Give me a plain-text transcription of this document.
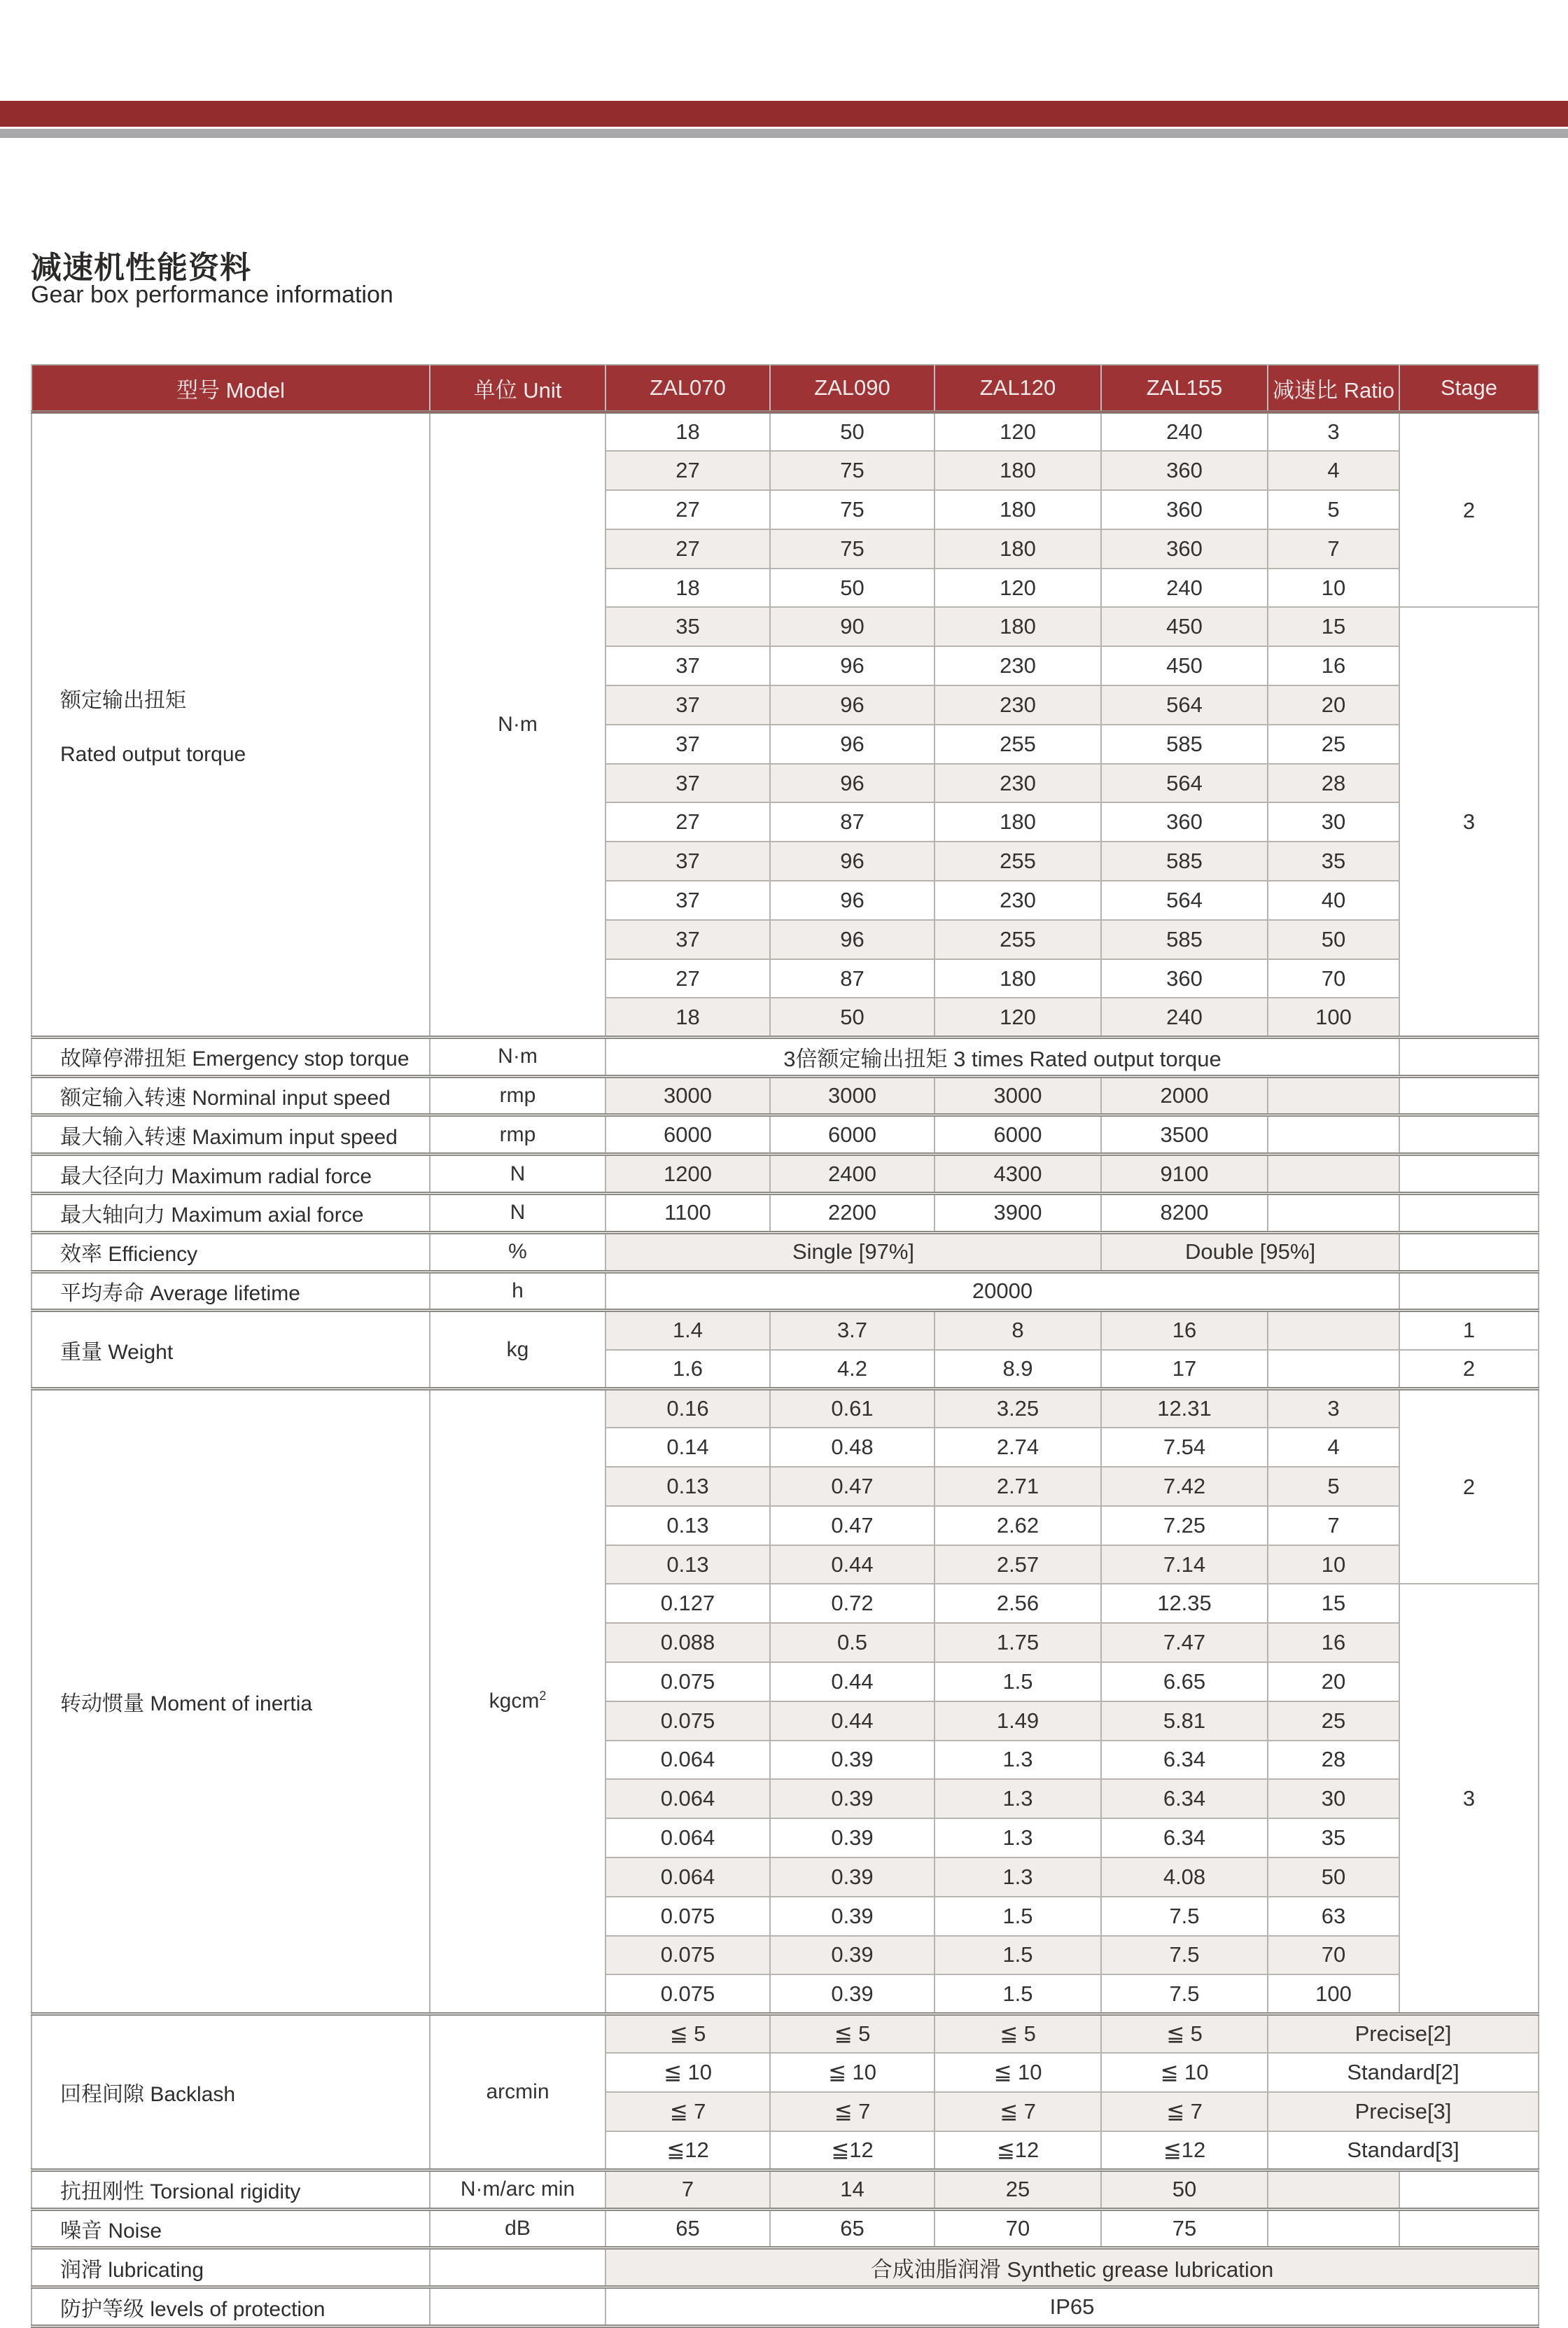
减速机性能资料
Gear box performance information
型号 Model	单位 Unit	ZAL070	ZAL090	ZAL120	ZAL155	减速比 Ratio	Stage

额定输出扭矩
Rated output torque	N·m	18	50	120	240	3	2
		27	75	180	360	4	
		27	75	180	360	5	
		27	75	180	360	7	
		18	50	120	240	10	
		35	90	180	450	15	3
		37	96	230	450	16	
		37	96	230	564	20	
		37	96	255	585	25	
		37	96	230	564	28	
		27	87	180	360	30	
		37	96	255	585	35	
		37	96	230	564	40	
		37	96	255	585	50	
		27	87	180	360	70	
		18	50	120	240	100	
故障停滞扭矩 Emergency stop torque	N·m	3倍额定输出扭矩 3 times Rated output torque					
额定输入转速 Norminal input speed	rmp	3000	3000	3000	2000		
最大输入转速 Maximum input speed	rmp	6000	6000	6000	3500		
最大径向力 Maximum radial force	N	1200	2400	4300	9100		
最大轴向力 Maximum axial force	N	1100	2200	3900	8200		
效率 Efficiency	%	Single [97%]			Double [95%]		
平均寿命 Average lifetime	h	20000					
重量 Weight	kg	1.4	3.7	8	16		1
		1.6	4.2	8.9	17		2

转动惯量 Moment of inertia	kgcm$^2$	0.16	0.61	3.25	12.31	3	2
		0.14	0.48	2.74	7.54	4	
		0.13	0.47	2.71	7.42	5	
		0.13	0.47	2.62	7.25	7	
		0.13	0.44	2.57	7.14	10	
		0.127	0.72	2.56	12.35	15	3
		0.088	0.5	1.75	7.47	16	
		0.075	0.44	1.5	6.65	20	
		0.075	0.44	1.49	5.81	25	
		0.064	0.39	1.3	6.34	28	
		0.064	0.39	1.3	6.34	30	
		0.064	0.39	1.3	6.34	35	
		0.064	0.39	1.3	4.08	50	
		0.075	0.39	1.5	7.5	63	
		0.075	0.39	1.5	7.5	70	
		0.075	0.39	1.5	7.5	100	
回程间隙 Backlash	arcmin	≦ 5	≦ 5	≦ 5	≦ 5	Precise[2]	
		≦ 10	≦ 10	≦ 10	≦ 10	Standard[2]	
		≦ 7	≦ 7	≦ 7	≦ 7	Precise[3]	
		≦12	≦12	≦12	≦12	Standard[3]	
抗扭刚性 Torsional rigidity	N·m/arc min	7	14	25	50		
噪音 Noise	dB	65	65	70	75		
润滑 lubricating		合成油脂润滑 Synthetic grease lubrication					
防护等级 levels of protection		IP65					
